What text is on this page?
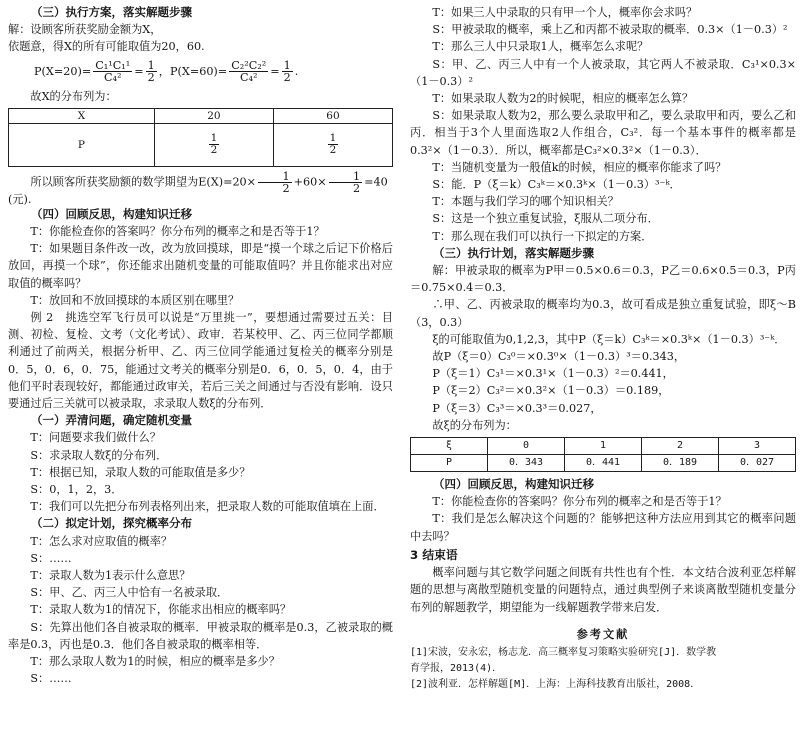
（三）执行方案，落实解题步骤

解：设顾客所获奖励金额为X，

依题意，得X的所有可能取值为20，60.

$P(X=20)= \frac{\text{C₁¹C₁¹}}{\text{C₄²}} = \frac{1}{2}$ ，$P(X=60)= \frac{\text{C₂²C₂²}}{\text{C₄²}} = \frac{1}{2}$ .

故X的分布列为：

X	20	60
P	$\frac{1}{2}$	$\frac{1}{2}$
所以顾客所获奖励额的数学期望为$E(X)=20\times \frac{1}{2} +60\times \frac{1}{2} =40$

(元).

（四）回顾反思，构建知识迁移

T：你能检查你的答案吗？你分布列的概率之和是否等于1？

T：如果题目条件改一改，改为放回摸球，即是“摸一个球之后记下价格后放回，再摸一个球”，你还能求出随机变量的可能取值吗？并且你能求出对应取值的概率吗？

T：放回和不放回摸球的本质区别在哪里？

例 2　挑选空军飞行员可以说是“万里挑一”，要想通过需要过五关：目测、初检、复检、文考（文化考试）、政审．若某校甲、乙、丙三位同学都顺利通过了前两关，根据分析甲、乙、丙三位同学能通过复检关的概率分别是0．5，0．6，0．75，能通过文考关的概率分别是0．6，0．5，0．4，由于他们平时表现较好，都能通过政审关，若后三关之间通过与否没有影响．设只要通过后三关就可以被录取，求录取人数ξ的分布列．

（一）弄清问题，确定随机变量

T：问题要求我们做什么？

S：求录取人数ξ的分布列．

T：根据已知，录取人数的可能取值是多少？

S：0，1，2，3．

T：我们可以先把分布列表格列出来，把录取人数的可能取值填在上面．

（二）拟定计划，探究概率分布

T：怎么求对应取值的概率？

S：……

T：录取人数为1表示什么意思？

S：甲、乙、丙三人中恰有一名被录取．

T：录取人数为1的情况下，你能求出相应的概率吗？

S：先算出他们各自被录取的概率．甲被录取的概率是0.3，乙被录取的概率是0.3，丙也是0.3．他们各自被录取的概率相等．

T：那么录取人数为1的时候，相应的概率是多少？

S：……

T：如果三人中录取的只有甲一个人，概率你会求吗？

S：甲被录取的概率，乘上乙和丙都不被录取的概率．0.3×（1－0.3）²

T：那么三人中只录取1人，概率怎么求呢？

S：甲、乙、丙三人中有一个人被录取，其它两人不被录取．C₃¹×0.3×（1－0.3）²

T：如果录取人数为2的时候呢，相应的概率怎么算？

S：如果录取人数为2，那么要么录取甲和乙，要么录取甲和丙，要么乙和丙．相当于3个人里面选取2人作组合，C₃²．每一个基本事件的概率都是0.3²×（1－0.3）．所以，概率都是C₃²×0.3²×（1－0.3）．

T：当随机变量为一般值k的时候，相应的概率你能求了吗？

S：能．P（ξ＝k）C₃ᵏ＝×0.3ᵏ×（1－0.3）³⁻ᵏ．

T：本题与我们学习的哪个知识相关？

S：这是一个独立重复试验，ξ服从二项分布．

T：那么现在我们可以执行一下拟定的方案．

（三）执行计划，落实解题步骤

解：甲被录取的概率为P甲＝0.5×0.6＝0.3，P乙＝0.6×0.5＝0.3，P丙＝0.75×0.4＝0.3．

∴甲、乙、丙被录取的概率均为0.3，故可看成是独立重复试验，即ξ～B（3，0.3）

ξ的可能取值为0,1,2,3，其中P（ξ＝k）C₃ᵏ＝×0.3ᵏ×（1－0.3）³⁻ᵏ．

故P（ξ＝0）C₃⁰＝×0.3⁰×（1－0.3）³＝0.343，

P（ξ＝1）C₃¹＝×0.3¹×（1－0.3）²＝0.441，

P（ξ＝2）C₃²＝×0.3²×（1－0.3）＝0.189，

P（ξ＝3）C₃³＝×0.3³＝0.027，

故ξ的分布列为：

ξ	0	1	2	3
P	0．343	0．441	0．189	0．027

（四）回顾反思，构建知识迁移

T：你能检查你的答案吗？你分布列的概率之和是否等于1？

T：我们是怎么解决这个问题的？能够把这种方法应用到其它的概率问题中去吗？

3 结束语

概率问题与其它数学问题之间既有共性也有个性．本文结合波利亚怎样解题的思想与离散型随机变量的问题特点，通过典型例子来谈离散型随机变量分布列的解题教学，期望能为一线解题教学带来启发．

参考文献

[1]宋波，安永宏，杨志龙．高三概率复习策略实验研究[J]．数学教

育学报，2013(4)．

[2]波利亚．怎样解题[M]．上海：上海科技教育出版社，2008．
